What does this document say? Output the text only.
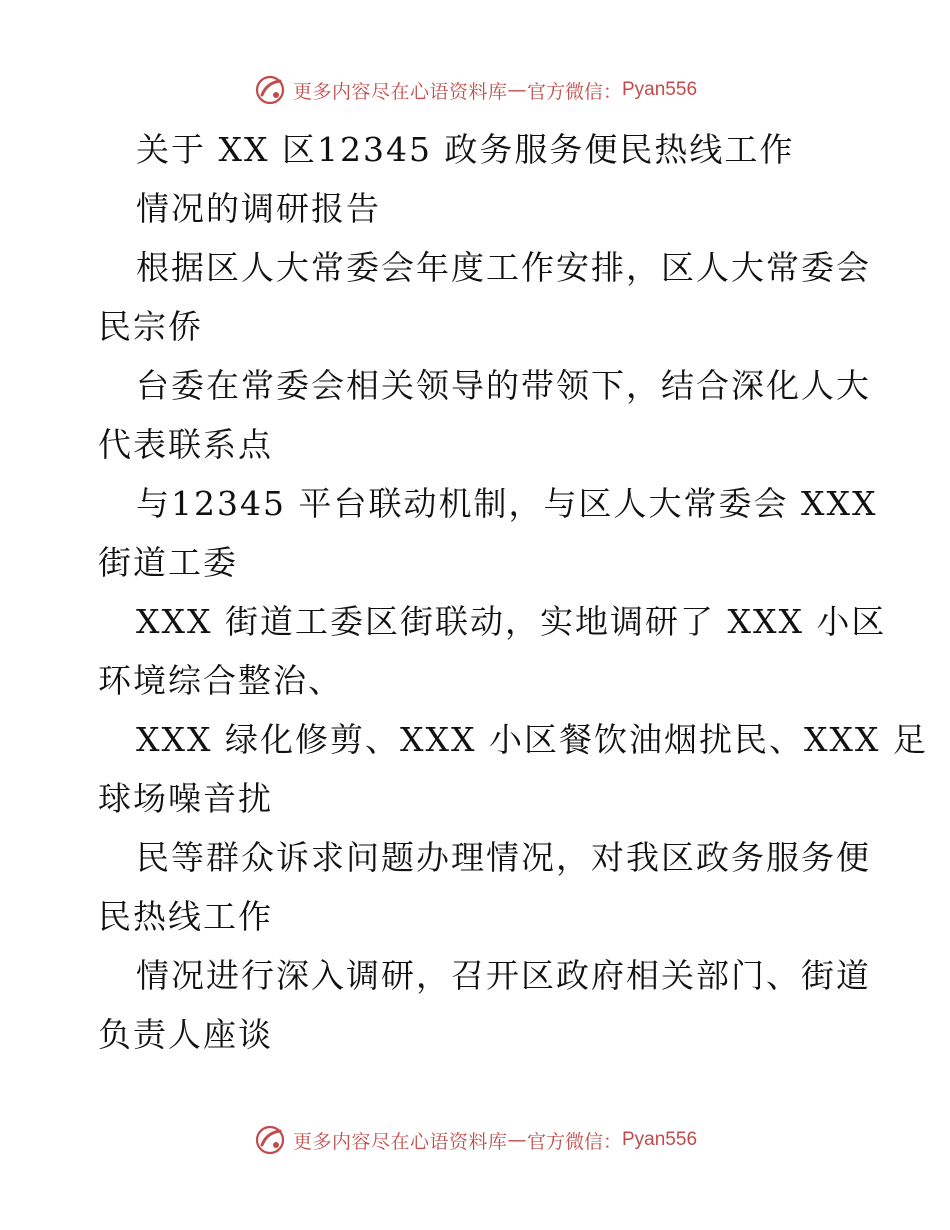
更多内容尽在心语资料库 — 官方微信： Pyan556
关于 XX 区12345 政务服务便民热线工作
情况的调研报告
根据区人大常委会年度工作安排，区人大常委会
民宗侨
台委在常委会相关领导的带领下，结合深化人大
代表联系点
与12345 平台联动机制，与区人大常委会 XXX
街道工委
XXX 街道工委区街联动，实地调研了 XXX 小区
环境综合整治、
XXX 绿化修剪、XXX 小区餐饮油烟扰民、XXX 足
球场噪音扰
民等群众诉求问题办理情况，对我区政务服务便
民热线工作
情况进行深入调研，召开区政府相关部门、街道
负责人座谈
更多内容尽在心语资料库 — 官方微信： Pyan556
